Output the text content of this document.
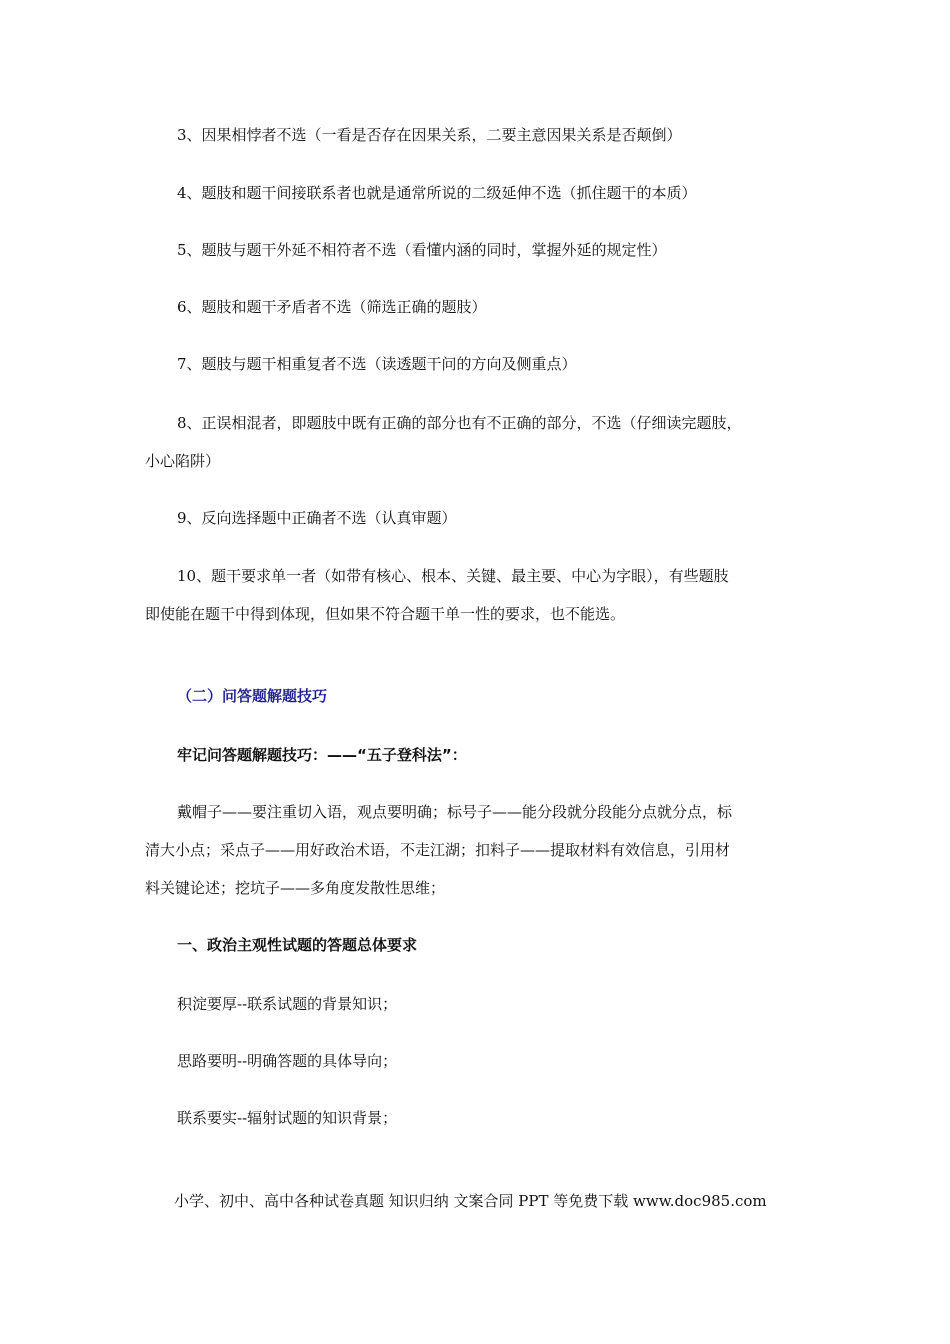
3、因果相悖者不选（一看是否存在因果关系，二要主意因果关系是否颠倒）
4、题肢和题干间接联系者也就是通常所说的二级延伸不选（抓住题干的本质）
5、题肢与题干外延不相符者不选（看懂内涵的同时，掌握外延的规定性）
6、题肢和题干矛盾者不选（筛选正确的题肢）
7、题肢与题干相重复者不选（读透题干问的方向及侧重点）
8、正误相混者，即题肢中既有正确的部分也有不正确的部分，不选（仔细读完题肢，
小心陷阱）
9、反向选择题中正确者不选（认真审题）
10、题干要求单一者（如带有核心、根本、关键、最主要、中心为字眼），有些题肢
即使能在题干中得到体现，但如果不符合题干单一性的要求，也不能选。
（二）问答题解题技巧
牢记问答题解题技巧：——“五子登科法”：
戴帽子——要注重切入语，观点要明确；标号子——能分段就分段能分点就分点，标
清大小点；采点子——用好政治术语，不走江湖；扣料子——提取材料有效信息，引用材
料关键论述；挖坑子——多角度发散性思维；
一、政治主观性试题的答题总体要求
积淀要厚--联系试题的背景知识；
思路要明--明确答题的具体导向；
联系要实--辐射试题的知识背景；
小学、初中、高中各种试卷真题 知识归纳 文案合同 PPT 等免费下载 www.doc985.com
